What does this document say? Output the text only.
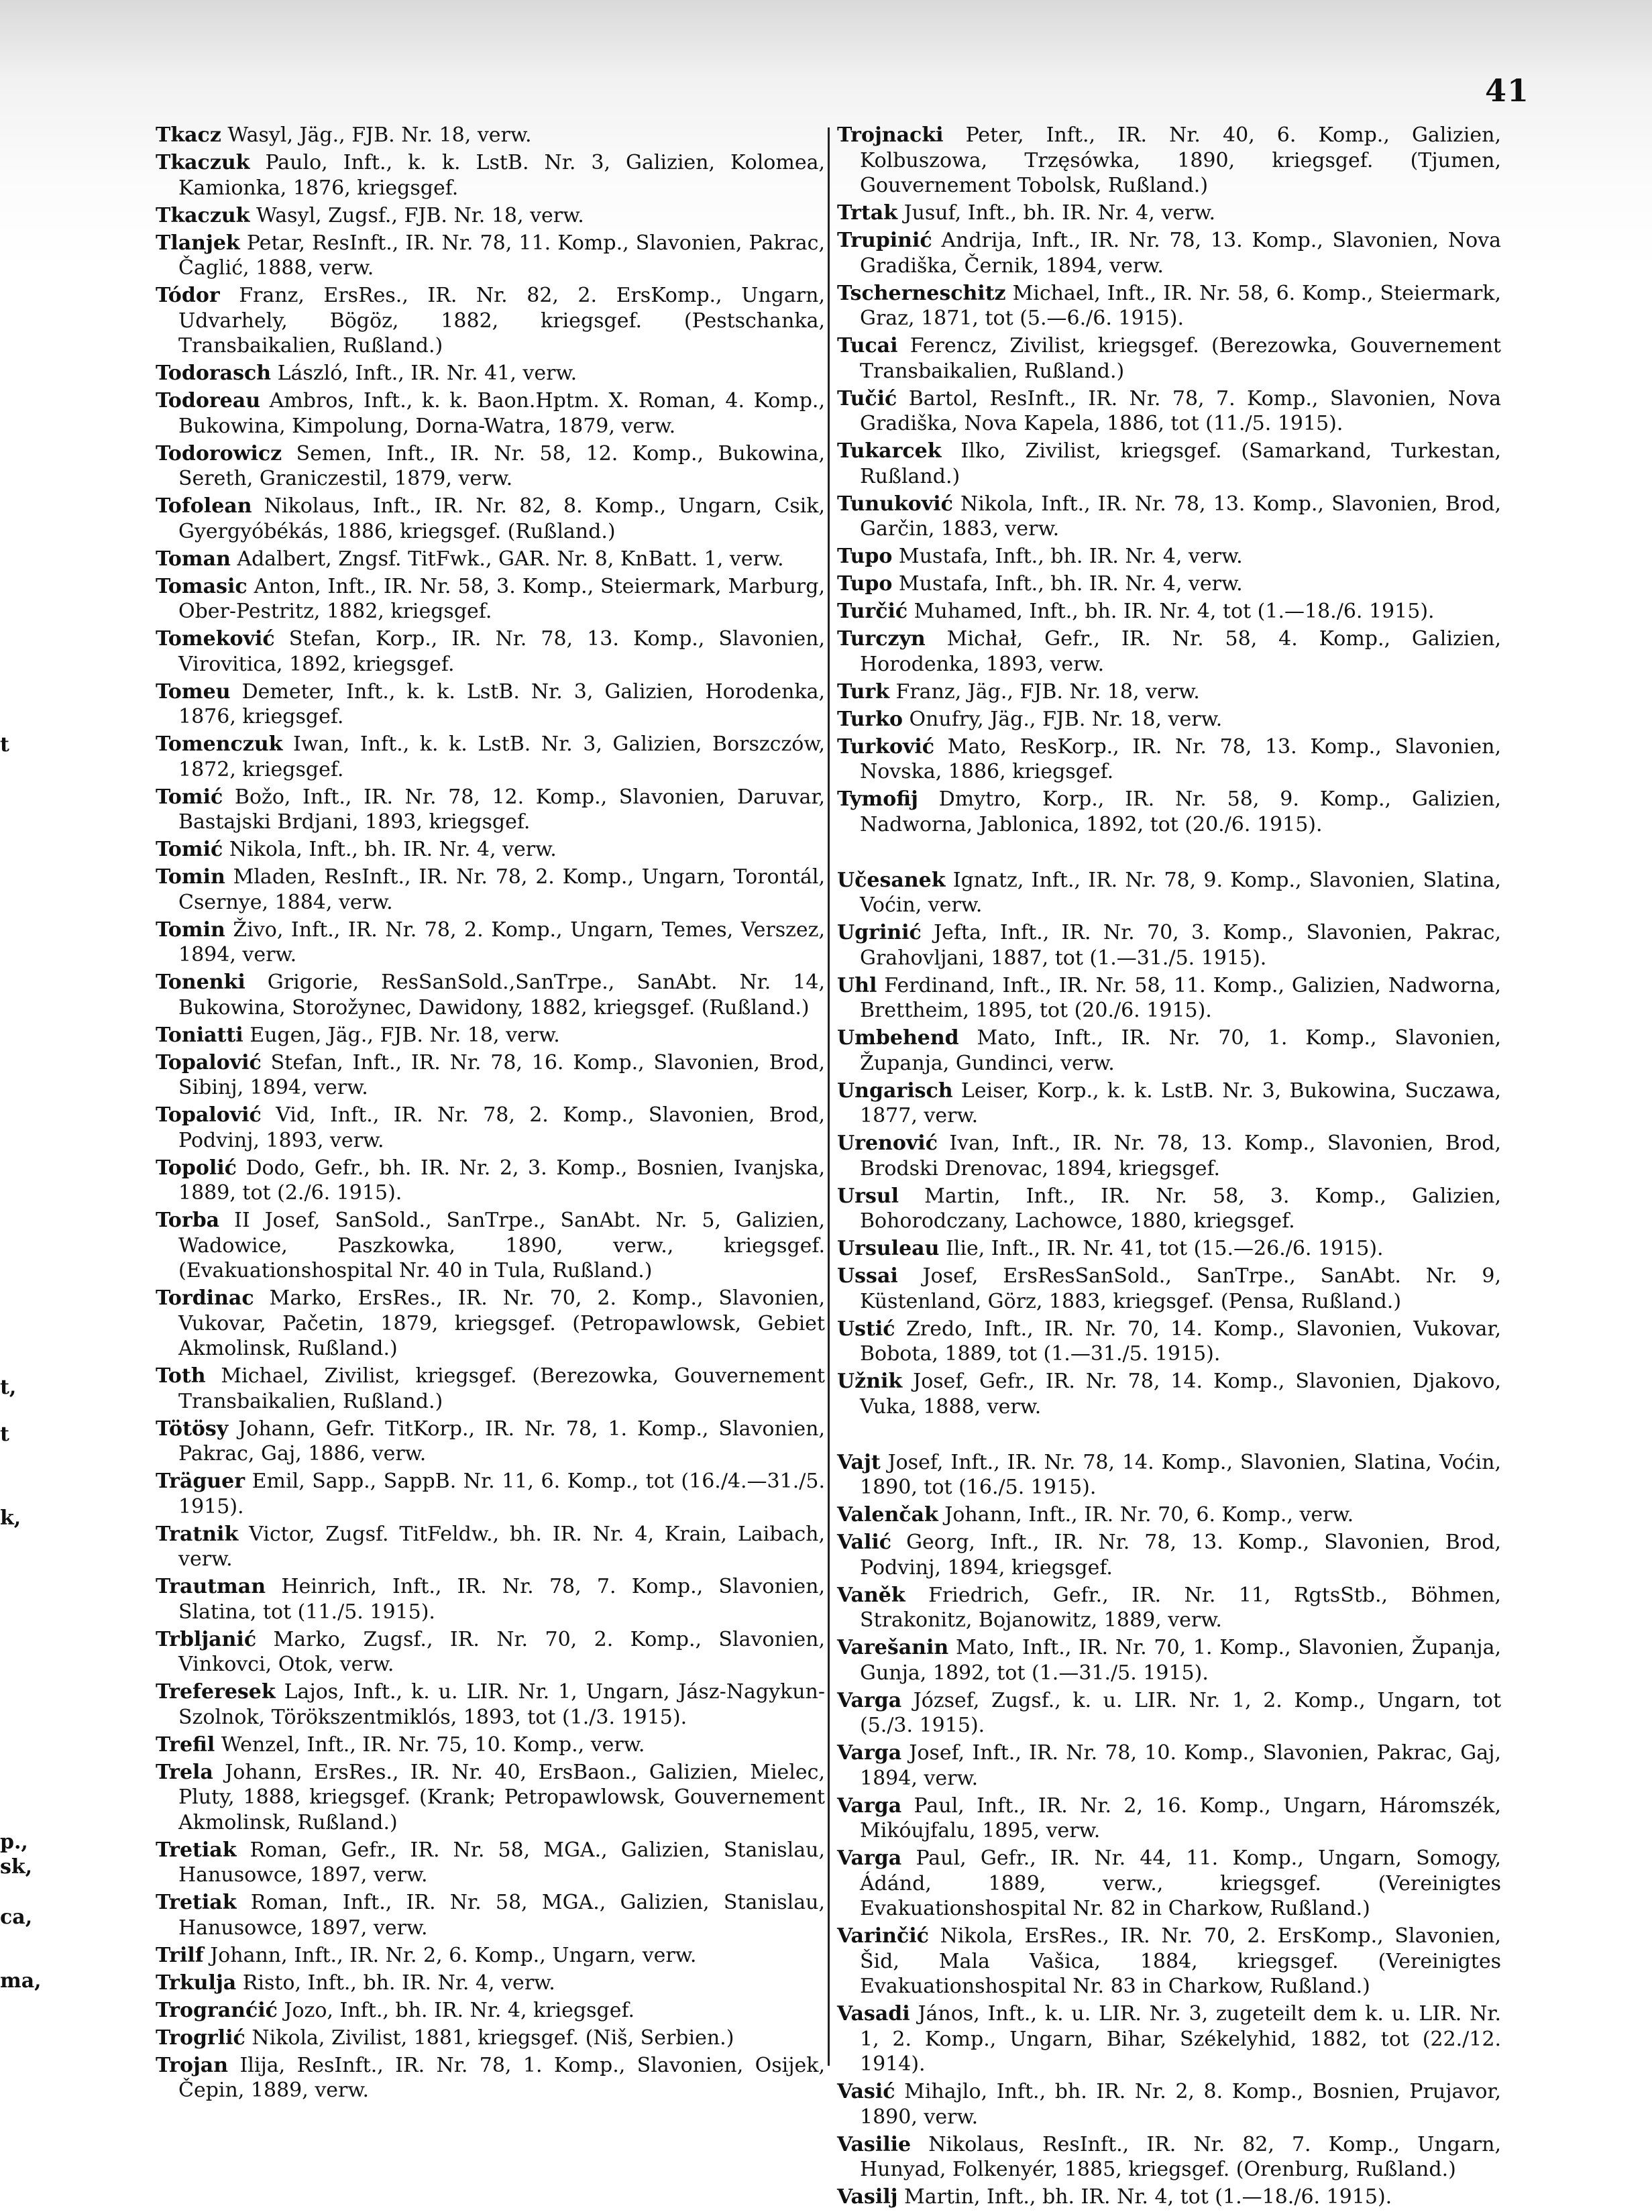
41
t
t,
t
k,
p.,
sk,
ca,
ma,

Tkacz Wasyl, Jäg., FJB. Nr. 18, verw.

Tkaczuk Paulo, Inft., k. k. LstB. Nr. 3, Galizien, Kolomea, Kamionka, 1876, kriegsgef.

Tkaczuk Wasyl, Zugsf., FJB. Nr. 18, verw.

Tlanjek Petar, ResInft., IR. Nr. 78, 11. Komp., Slavonien, Pakrac, Čaglić, 1888, verw.

Tódor Franz, ErsRes., IR. Nr. 82, 2. ErsKomp., Ungarn, Udvarhely, Bögöz, 1882, kriegsgef. (Pestschanka, Transbaikalien, Rußland.)

Todorasch László, Inft., IR. Nr. 41, verw.

Todoreau Ambros, Inft., k. k. Baon.Hptm. X. Roman, 4. Komp., Bukowina, Kimpolung, Dorna-Watra, 1879, verw.

Todorowicz Semen, Inft., IR. Nr. 58, 12. Komp., Bukowina, Sereth, Graniczestil, 1879, verw.

Tofolean Nikolaus, Inft., IR. Nr. 82, 8. Komp., Ungarn, Csik, Gyergyóbékás, 1886, kriegsgef. (Rußland.)

Toman Adalbert, Zngsf. TitFwk., GAR. Nr. 8, KnBatt. 1, verw.

Tomasic Anton, Inft., IR. Nr. 58, 3. Komp., Steiermark, Marburg, Ober-Pestritz, 1882, kriegsgef.

Tomeković Stefan, Korp., IR. Nr. 78, 13. Komp., Slavonien, Virovitica, 1892, kriegsgef.

Tomeu Demeter, Inft., k. k. LstB. Nr. 3, Galizien, Horodenka, 1876, kriegsgef.

Tomenczuk Iwan, Inft., k. k. LstB. Nr. 3, Galizien, Borszczów, 1872, kriegsgef.

Tomić Božo, Inft., IR. Nr. 78, 12. Komp., Slavonien, Daruvar, Bastajski Brdjani, 1893, kriegsgef.

Tomić Nikola, Inft., bh. IR. Nr. 4, verw.

Tomin Mladen, ResInft., IR. Nr. 78, 2. Komp., Ungarn, Torontál, Csernye, 1884, verw.

Tomin Živo, Inft., IR. Nr. 78, 2. Komp., Ungarn, Temes, Verszez, 1894, verw.

Tonenki Grigorie, ResSanSold.,SanTrpe., SanAbt. Nr. 14, Bukowina, Storožynec, Dawidony, 1882, kriegsgef. (Rußland.)

Toniatti Eugen, Jäg., FJB. Nr. 18, verw.

Topalović Stefan, Inft., IR. Nr. 78, 16. Komp., Slavonien, Brod, Sibinj, 1894, verw.

Topalović Vid, Inft., IR. Nr. 78, 2. Komp., Slavonien, Brod, Podvinj, 1893, verw.

Topolić Dodo, Gefr., bh. IR. Nr. 2, 3. Komp., Bosnien, Ivanjska, 1889, tot (2./6. 1915).

Torba II Josef, SanSold., SanTrpe., SanAbt. Nr. 5, Galizien, Wadowice, Paszkowka, 1890, verw., kriegsgef. (Evakuationshospital Nr. 40 in Tula, Rußland.)

Tordinac Marko, ErsRes., IR. Nr. 70, 2. Komp., Slavonien, Vukovar, Pačetin, 1879, kriegsgef. (Petropawlowsk, Gebiet Akmolinsk, Rußland.)

Toth Michael, Zivilist, kriegsgef. (Berezowka, Gouvernement Transbaikalien, Rußland.)

Tötösy Johann, Gefr. TitKorp., IR. Nr. 78, 1. Komp., Slavonien, Pakrac, Gaj, 1886, verw.

Träguer Emil, Sapp., SappB. Nr. 11, 6. Komp., tot (16./4.—31./5. 1915).

Tratnik Victor, Zugsf. TitFeldw., bh. IR. Nr. 4, Krain, Laibach, verw.

Trautman Heinrich, Inft., IR. Nr. 78, 7. Komp., Slavonien, Slatina, tot (11./5. 1915).

Trbljanić Marko, Zugsf., IR. Nr. 70, 2. Komp., Slavonien, Vinkovci, Otok, verw.

Treferesek Lajos, Inft., k. u. LIR. Nr. 1, Ungarn, Jász-Nagykun-Szolnok, Törökszentmiklós, 1893, tot (1./3. 1915).

Trefil Wenzel, Inft., IR. Nr. 75, 10. Komp., verw.

Trela Johann, ErsRes., IR. Nr. 40, ErsBaon., Galizien, Mielec, Pluty, 1888, kriegsgef. (Krank; Petropawlowsk, Gouvernement Akmolinsk, Rußland.)

Tretiak Roman, Gefr., IR. Nr. 58, MGA., Galizien, Stanislau, Hanusowce, 1897, verw.

Tretiak Roman, Inft., IR. Nr. 58, MGA., Galizien, Stanislau, Hanusowce, 1897, verw.

Trilf Johann, Inft., IR. Nr. 2, 6. Komp., Ungarn, verw.

Trkulja Risto, Inft., bh. IR. Nr. 4, verw.

Trogranćić Jozo, Inft., bh. IR. Nr. 4, kriegsgef.

Trogrlić Nikola, Zivilist, 1881, kriegsgef. (Niš, Serbien.)

Trojan Ilija, ResInft., IR. Nr. 78, 1. Komp., Slavonien, Osijek, Čepin, 1889, verw.

Trojnacki Peter, Inft., IR. Nr. 40, 6. Komp., Galizien, Kolbuszowa, Trzęsówka, 1890, kriegsgef. (Tjumen, Gouvernement Tobolsk, Rußland.)

Trtak Jusuf, Inft., bh. IR. Nr. 4, verw.

Trupinić Andrija, Inft., IR. Nr. 78, 13. Komp., Slavonien, Nova Gradiška, Černik, 1894, verw.

Tscherneschitz Michael, Inft., IR. Nr. 58, 6. Komp., Steiermark, Graz, 1871, tot (5.—6./6. 1915).

Tucai Ferencz, Zivilist, kriegsgef. (Berezowka, Gouvernement Transbaikalien, Rußland.)

Tučić Bartol, ResInft., IR. Nr. 78, 7. Komp., Slavonien, Nova Gradiška, Nova Kapela, 1886, tot (11./5. 1915).

Tukarcek Ilko, Zivilist, kriegsgef. (Samarkand, Turkestan, Rußland.)

Tunuković Nikola, Inft., IR. Nr. 78, 13. Komp., Slavonien, Brod, Garčin, 1883, verw.

Tupo Mustafa, Inft., bh. IR. Nr. 4, verw.

Tupo Mustafa, Inft., bh. IR. Nr. 4, verw.

Turčić Muhamed, Inft., bh. IR. Nr. 4, tot (1.—18./6. 1915).

Turczyn Michał, Gefr., IR. Nr. 58, 4. Komp., Galizien, Horodenka, 1893, verw.

Turk Franz, Jäg., FJB. Nr. 18, verw.

Turko Onufry, Jäg., FJB. Nr. 18, verw.

Turković Mato, ResKorp., IR. Nr. 78, 13. Komp., Slavonien, Novska, 1886, kriegsgef.

Tymofij Dmytro, Korp., IR. Nr. 58, 9. Komp., Galizien, Nadworna, Jablonica, 1892, tot (20./6. 1915).

Učesanek Ignatz, Inft., IR. Nr. 78, 9. Komp., Slavonien, Slatina, Voćin, verw.

Ugrinić Jefta, Inft., IR. Nr. 70, 3. Komp., Slavonien, Pakrac, Grahovljani, 1887, tot (1.—31./5. 1915).

Uhl Ferdinand, Inft., IR. Nr. 58, 11. Komp., Galizien, Nadworna, Brettheim, 1895, tot (20./6. 1915).

Umbehend Mato, Inft., IR. Nr. 70, 1. Komp., Slavonien, Županja, Gundinci, verw.

Ungarisch Leiser, Korp., k. k. LstB. Nr. 3, Bukowina, Suczawa, 1877, verw.

Urenović Ivan, Inft., IR. Nr. 78, 13. Komp., Slavonien, Brod, Brodski Drenovac, 1894, kriegsgef.

Ursul Martin, Inft., IR. Nr. 58, 3. Komp., Galizien, Bohorodczany, Lachowce, 1880, kriegsgef.

Ursuleau Ilie, Inft., IR. Nr. 41, tot (15.—26./6. 1915).

Ussai Josef, ErsResSanSold., SanTrpe., SanAbt. Nr. 9, Küstenland, Görz, 1883, kriegsgef. (Pensa, Rußland.)

Ustić Zredo, Inft., IR. Nr. 70, 14. Komp., Slavonien, Vukovar, Bobota, 1889, tot (1.—31./5. 1915).

Užnik Josef, Gefr., IR. Nr. 78, 14. Komp., Slavonien, Djakovo, Vuka, 1888, verw.

Vajt Josef, Inft., IR. Nr. 78, 14. Komp., Slavonien, Slatina, Voćin, 1890, tot (16./5. 1915).

Valenčak Johann, Inft., IR. Nr. 70, 6. Komp., verw.

Valić Georg, Inft., IR. Nr. 78, 13. Komp., Slavonien, Brod, Podvinj, 1894, kriegsgef.

Vaněk Friedrich, Gefr., IR. Nr. 11, RgtsStb., Böhmen, Strakonitz, Bojanowitz, 1889, verw.

Varešanin Mato, Inft., IR. Nr. 70, 1. Komp., Slavonien, Županja, Gunja, 1892, tot (1.—31./5. 1915).

Varga József, Zugsf., k. u. LIR. Nr. 1, 2. Komp., Ungarn, tot (5./3. 1915).

Varga Josef, Inft., IR. Nr. 78, 10. Komp., Slavonien, Pakrac, Gaj, 1894, verw.

Varga Paul, Inft., IR. Nr. 2, 16. Komp., Ungarn, Háromszék, Mikóujfalu, 1895, verw.

Varga Paul, Gefr., IR. Nr. 44, 11. Komp., Ungarn, Somogy, Ádánd, 1889, verw., kriegsgef. (Vereinigtes Evakuationshospital Nr. 82 in Charkow, Rußland.)

Varinčić Nikola, ErsRes., IR. Nr. 70, 2. ErsKomp., Slavonien, Šid, Mala Vašica, 1884, kriegsgef. (Vereinigtes Evakuationshospital Nr. 83 in Charkow, Rußland.)

Vasadi János, Inft., k. u. LIR. Nr. 3, zugeteilt dem k. u. LIR. Nr. 1, 2. Komp., Ungarn, Bihar, Székelyhid, 1882, tot (22./12. 1914).

Vasić Mihajlo, Inft., bh. IR. Nr. 2, 8. Komp., Bosnien, Prujavor, 1890, verw.

Vasilie Nikolaus, ResInft., IR. Nr. 82, 7. Komp., Ungarn, Hunyad, Folkenyér, 1885, kriegsgef. (Orenburg, Rußland.)

Vasilj Martin, Inft., bh. IR. Nr. 4, tot (1.—18./6. 1915).
